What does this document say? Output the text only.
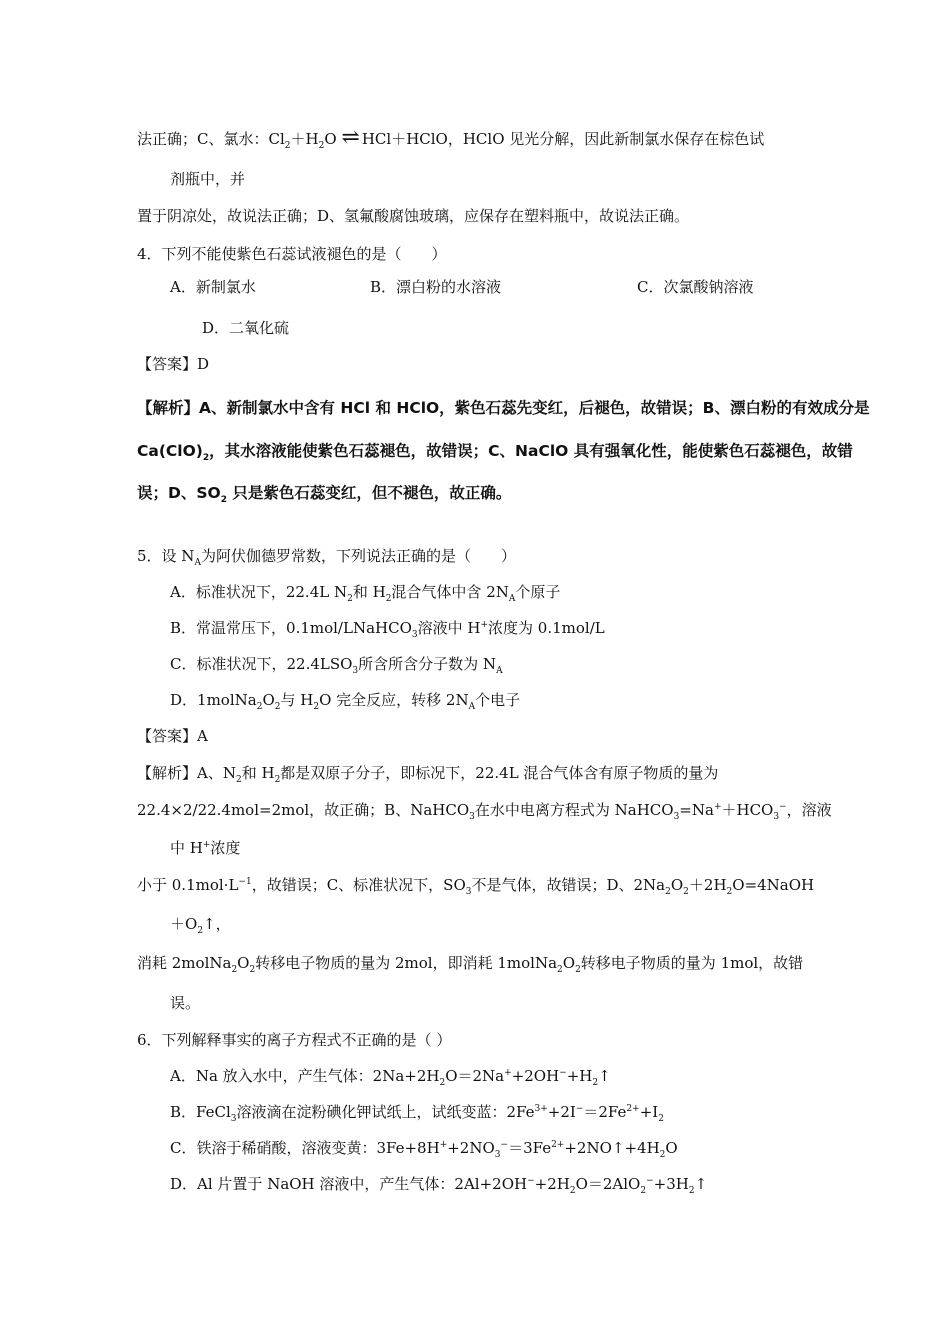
法正确；C、氯水：$Cl_2+H_2O$ ⇌HCl＋HClO，HClO 见光分解，因此新制氯水保存在棕色试
剂瓶中，并
置于阴凉处，故说法正确；D、氢氟酸腐蚀玻璃，应保存在塑料瓶中，故说法正确。
4．下列不能使紫色石蕊试液褪色的是（　　）
A．新制氯水	B．漂白粉的水溶液	C．次氯酸钠溶液
D．二氧化硫
【答案】D
【解析】A、新制氯水中含有 HCl 和 HClO，紫色石蕊先变红，后褪色，故错误；B、漂白粉的有效成分是
$Ca(ClO)_2$，其水溶液能使紫色石蕊褪色，故错误；C、NaClO 具有强氧化性，能使紫色石蕊褪色，故错
误；D、$SO_2$ 只是紫色石蕊变红，但不褪色，故正确。
5．设 $N_A$为阿伏伽德罗常数，下列说法正确的是（　　）
A．标准状况下，22.4L $N_2$和 $H_2$混合气体中含 $2N_A$个原子
B．常温常压下，0.1mol/LNaHCO$_3$溶液中 H+浓度为 0.1mol/L
C．标准状况下，$22.4LSO_3$所含所含分子数为 $N_A$
D．$1molNa_2O_2$与 $H_2O$ 完全反应，转移 $2N_A$个电子
【答案】A
【解析】A、$N_2$和 $H_2$都是双原子分子，即标况下，22.4L 混合气体含有原子物质的量为
22.4×2/22.4mol=2mol，故正确；B、NaHCO$_3$在水中电离方程式为 $NaHCO_3=Na^++HCO_3^-$，溶液
中 H+浓度
小于 $0.1mol\cdot L^{-1}$，故错误；C、标准状况下，$SO_3$不是气体，故错误；D、$2Na_2O_2+2H_2O=4NaOH$
$+O_2↑$，
消耗 $2molNa_2O_2$转移电子物质的量为 2mol，即消耗 $1molNa_2O_2$转移电子物质的量为 1mol，故错
误。
6．下列解释事实的离子方程式不正确的是（ ）
A．Na 放入水中，产生气体：$2Na+2H_2O=2Na^++2OH^-+H_2↑$
B．FeCl$_3$溶液滴在淀粉碘化钾试纸上，试纸变蓝：$2Fe^{3+}+2I^-=2Fe^{2+}+I_2$
C．铁溶于稀硝酸，溶液变黄：$3Fe+8H^++2NO_3^-=3Fe^{2+}+2NO↑+4H_2O$
D．Al 片置于 NaOH 溶液中，产生气体：$2Al+2OH^-+2H_2O=2AlO_2^-+3H_2↑$
